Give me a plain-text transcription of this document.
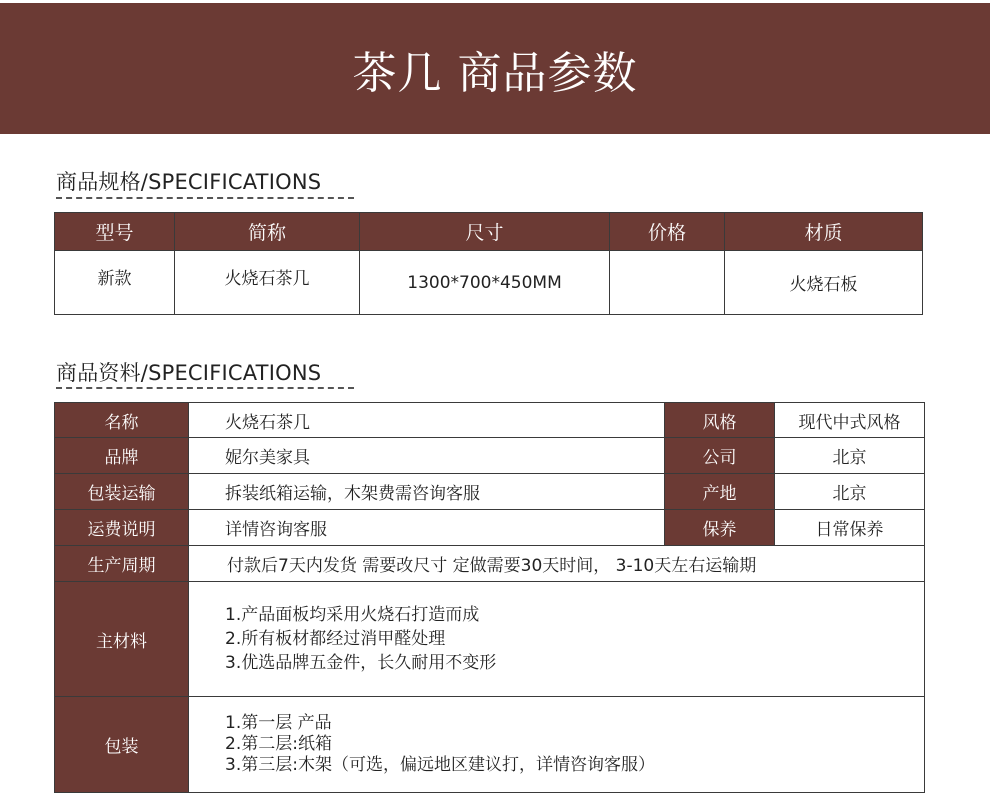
茶几 商品参数
商品规格/SPECIFICATIONS
型号	简称	尺寸	价格	材质
新款	火烧石茶几	1300*700*450MM		火烧石板
商品资料/SPECIFICATIONS
名称	火烧石茶几	风格	现代中式风格
品牌	妮尔美家具	公司	北京
包装运输	拆装纸箱运输，木架费需咨询客服	产地	北京
运费说明	详情咨询客服	保养	日常保养
生产周期	付款后7天内发货 需要改尺寸 定做需要30天时间， 3-10天左右运输期		
主材料	1.产品面板均采用火烧石打造而成
2.所有板材都经过消甲醛处理
3.优选品牌五金件，长久耐用不变形		

包装	1.第一层 产品
2.第二层:纸箱
3.第三层:木架（可选，偏远地区建议打，详情咨询客服）		
